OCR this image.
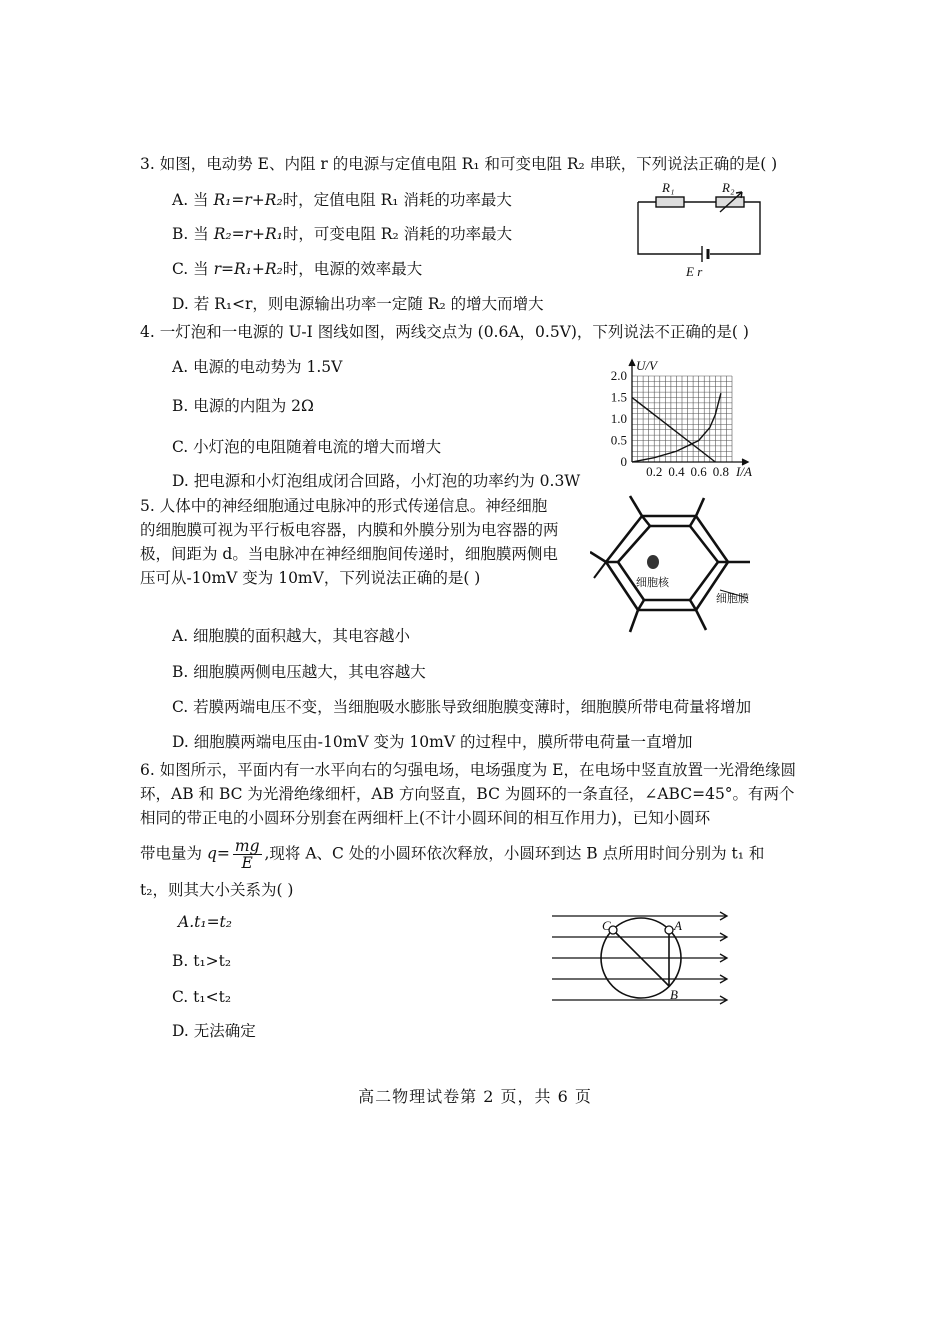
3. 如图，电动势 E、内阻 r 的电源与定值电阻 R₁ 和可变电阻 R₂ 串联，下列说法正确的是( )
A. 当 R₁=r+R₂时，定值电阻 R₁ 消耗的功率最大
B. 当 R₂=r+R₁时，可变电阻 R₂ 消耗的功率最大
C. 当 r=R₁+R₂时，电源的效率最大
D. 若 R₁<r，则电源输出功率一定随 R₂ 的增大而增大
R₁	R₂
E r
4. 一灯泡和一电源的 U-I 图线如图，两线交点为 (0.6A，0.5V)，下列说法不正确的是( )
A. 电源的电动势为 1.5V
B. 电源的内阻为 2Ω
C. 小灯泡的电阻随着电流的增大而增大
D. 把电源和小灯泡组成闭合回路，小灯泡的功率约为 0.3W
0.2 0.4 0.6 0.8
0
0.5
1.0
1.5
2.0
I/A
U/V
5. 人体中的神经细胞通过电脉冲的形式传递信息。神经细胞的细胞膜可视为平行板电容器，内膜和外膜分别为电容器的两极，间距为 d。当电脉冲在神经细胞间传递时，细胞膜两侧电压可从-10mV 变为 10mV，下列说法正确的是( )
A. 细胞膜的面积越大，其电容越小
B. 细胞膜两侧电压越大，其电容越大
C. 若膜两端电压不变，当细胞吸水膨胀导致细胞膜变薄时，细胞膜所带电荷量将增加
D. 细胞膜两端电压由-10mV 变为 10mV 的过程中，膜所带电荷量一直增加
细胞核
细胞膜
6. 如图所示，平面内有一水平向右的匀强电场，电场强度为 E，在电场中竖直放置一光滑绝缘圆环，AB 和 BC 为光滑绝缘细杆，AB 方向竖直，BC 为圆环的一条直径，∠ABC=45°。有两个相同的带正电的小圆环分别套在两细杆上(不计小圆环间的相互作用力)，已知小圆环
带电量为 $q= \frac{mg}{E}$ ,现将 A、C 处的小圆环依次释放，小圆环到达 B 点所用时间分别为 t₁ 和
t₂，则其大小关系为( )
A.t₁=t₂
B. t₁>t₂
C. t₁<t₂
D. 无法确定
C	A
B
高二物理试卷第 2 页，共 6 页
